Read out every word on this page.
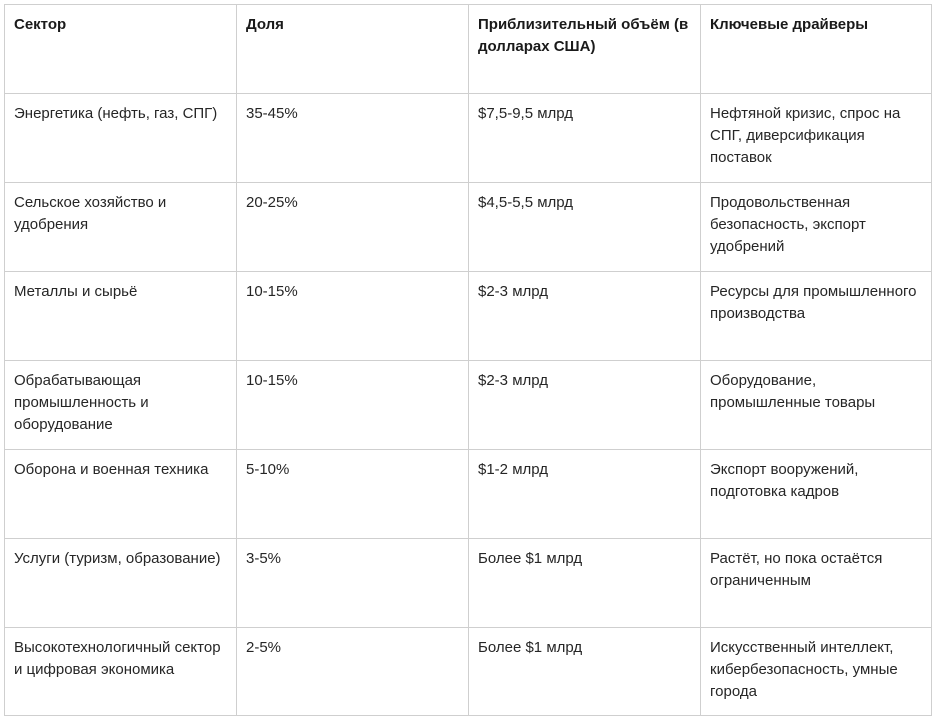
Сектор	Доля	Приблизительный объём (в долларах США)	Ключевые драйверы
Энергетика (нефть, газ, СПГ)	35-45%	$7,5-9,5 млрд	Нефтяной кризис, спрос на СПГ, диверсификация поставок
Сельское хозяйство и удобрения	20-25%	$4,5-5,5 млрд	Продовольственная безопасность, экспорт удобрений
Металлы и сырьё	10-15%	$2-3 млрд	Ресурсы для промышленного производства
Обрабатывающая промышленность и оборудование	10-15%	$2-3 млрд	Оборудование, промышленные товары
Оборона и военная техника	5-10%	$1-2 млрд	Экспорт вооружений, подготовка кадров
Услуги (туризм, образование)	3-5%	Более $1 млрд	Растёт, но пока остаётся ограниченным
Высокотехнологичный сектор и цифровая экономика	2-5%	Более $1 млрд	Искусственный интеллект, кибербезопасность, умные города
